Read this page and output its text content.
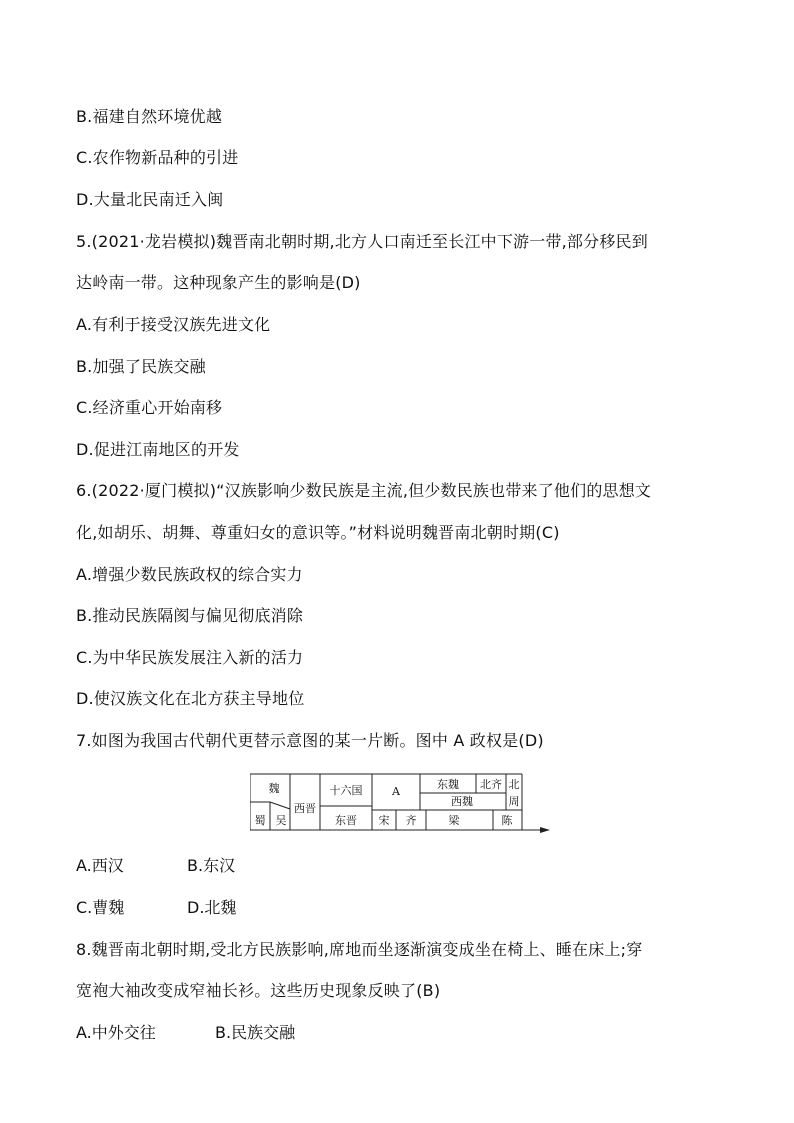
B.福建自然环境优越

C.农作物新品种的引进

D.大量北民南迁入闽

5.(2021·龙岩模拟)魏晋南北朝时期,北方人口南迁至长江中下游一带,部分移民到

达岭南一带。这种现象产生的影响是(D)

A.有利于接受汉族先进文化

B.加强了民族交融

C.经济重心开始南移

D.促进江南地区的开发

6.(2022·厦门模拟)“汉族影响少数民族是主流,但少数民族也带来了他们的思想文

化,如胡乐、胡舞、尊重妇女的意识等。”材料说明魏晋南北朝时期(C)

A.增强少数民族政权的综合实力

B.推动民族隔阂与偏见彻底消除

C.为中华民族发展注入新的活力

D.使汉族文化在北方获主导地位

7.如图为我国古代朝代更替示意图的某一片断。图中 A 政权是(D)

魏
蜀 吴
西晋
十六国	A
东魏 北齐 北
周
西魏
东晋 宋 齐	梁	陈
A.西汉	B.东汉
C.曹魏	D.北魏

8.魏晋南北朝时期,受北方民族影响,席地而坐逐渐演变成坐在椅上、睡在床上;穿

宽袍大袖改变成窄袖长衫。这些历史现象反映了(B)

A.中外交往	B.民族交融
